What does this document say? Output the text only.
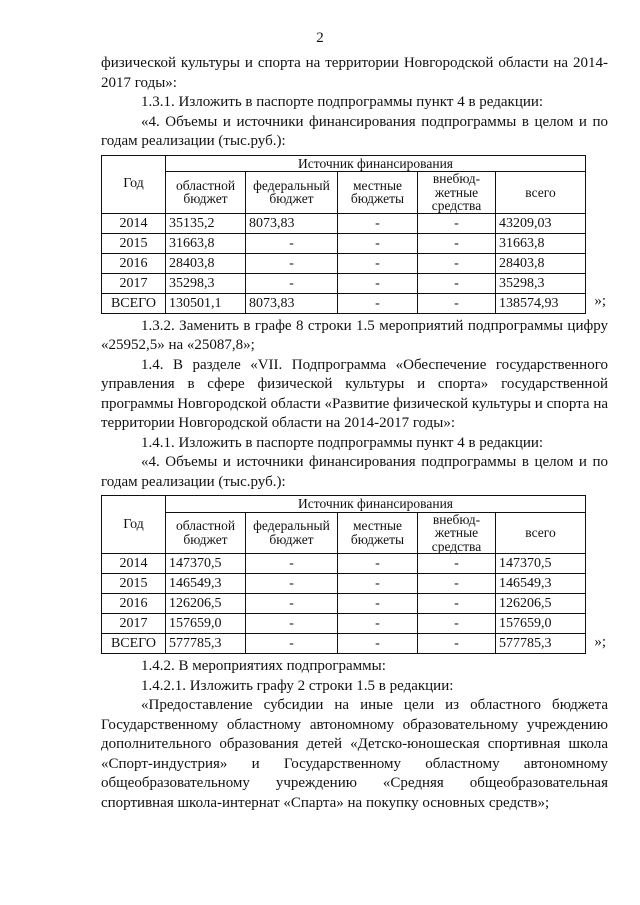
2

физической культуры и спорта на территории Новгородской области на 2014-2017 годы»:

1.3.1. Изложить в паспорте подпрограммы пункт 4 в редакции:

«4. Объемы и источники финансирования подпрограммы в целом и по годам реализации (тыс.руб.):

Год	Источник финансирования				
	областной бюджет	федеральный бюджет	местные бюджеты	внебюд-жетные средства	всего
2014	35135,2	8073,83	-	-	43209,03
2015	31663,8	-	-	-	31663,8
2016	28403,8	-	-	-	28403,8
2017	35298,3	-	-	-	35298,3
ВСЕГО	130501,1	8073,83	-	-	138574,93 »;

1.3.2. Заменить в графе 8 строки 1.5 мероприятий подпрограммы цифру «25952,5» на «25087,8»;

1.4. В разделе «VII. Подпрограмма «Обеспечение государственного управления в сфере физической культуры и спорта» государственной программы Новгородской области «Развитие физической культуры и спорта на территории Новгородской области на 2014-2017 годы»:

1.4.1. Изложить в паспорте подпрограммы пункт 4 в редакции:

«4. Объемы и источники финансирования подпрограммы в целом и по годам реализации (тыс.руб.):

Год	Источник финансирования				
	областной бюджет	федеральный бюджет	местные бюджеты	внебюд-жетные средства	всего
2014	147370,5	-	-	-	147370,5
2015	146549,3	-	-	-	146549,3
2016	126206,5	-	-	-	126206,5
2017	157659,0	-	-	-	157659,0
ВСЕГО	577785,3	-	-	-	577785,3	»;

1.4.2. В мероприятиях подпрограммы:

1.4.2.1. Изложить графу 2 строки 1.5 в редакции:

«Предоставление субсидии на иные цели из областного бюджета Государственному областному автономному образовательному учреждению дополнительного образования детей «Детско-юношеская спортивная школа «Спорт-индустрия» и Государственному областному автономному общеобразовательному учреждению «Средняя общеобразовательная спортивная школа-интернат «Спарта» на покупку основных средств»;
